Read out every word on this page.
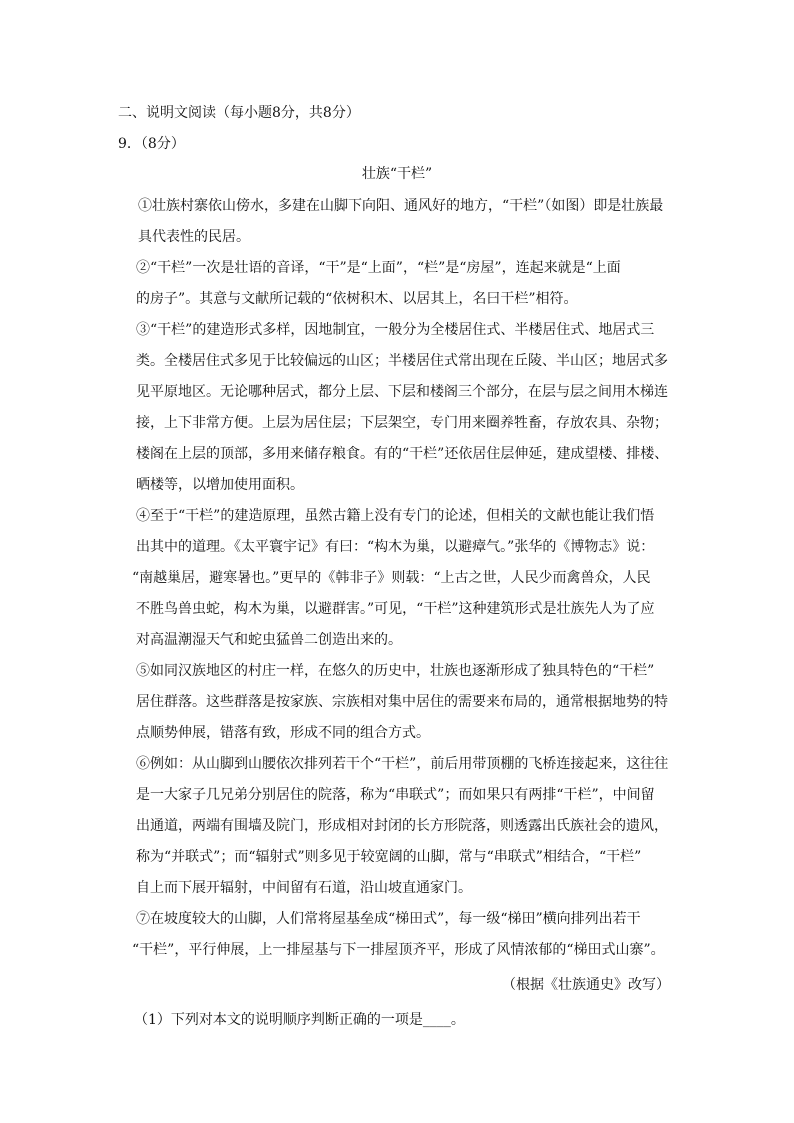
二、说明文阅读（每小题8分，共8分）
9．（8分）
壮族“干栏”
①壮族村寨依山傍水，多建在山脚下向阳、通风好的地方，“干栏”（如图）即是壮族最
具代表性的民居。
②“干栏”一次是壮语的音译，“干”是“上面”，“栏”是“房屋”，连起来就是“上面
的房子”。其意与文献所记载的“依树积木、以居其上，名曰干栏”相符。
③“干栏”的建造形式多样，因地制宜，一般分为全楼居住式、半楼居住式、地居式三
类。全楼居住式多见于比较偏远的山区；半楼居住式常出现在丘陵、半山区；地居式多
见平原地区。无论哪种居式，都分上层、下层和楼阁三个部分，在层与层之间用木梯连
接，上下非常方便。上层为居住层；下层架空，专门用来圈养牲畜，存放农具、杂物；
楼阁在上层的顶部，多用来储存粮食。有的“干栏”还依居住层伸延，建成望楼、排楼、
晒楼等，以增加使用面积。
④至于“干栏”的建造原理，虽然古籍上没有专门的论述，但相关的文献也能让我们悟
出其中的道理。《太平寰宇记》有曰：“构木为巢，以避瘴气。”张华的《博物志》说：
“南越巢居，避寒暑也。”更早的《韩非子》则载：“上古之世，人民少而禽兽众，人民
不胜鸟兽虫蛇，构木为巢，以避群害。”可见，“干栏”这种建筑形式是壮族先人为了应
对高温潮湿天气和蛇虫猛兽二创造出来的。
⑤如同汉族地区的村庄一样，在悠久的历史中，壮族也逐渐形成了独具特色的“干栏”
居住群落。这些群落是按家族、宗族相对集中居住的需要来布局的，通常根据地势的特
点顺势伸展，错落有致，形成不同的组合方式。
⑥例如：从山脚到山腰依次排列若干个“干栏”，前后用带顶棚的飞桥连接起来，这往往
是一大家子几兄弟分别居住的院落，称为“串联式”；而如果只有两排“干栏”，中间留
出通道，两端有围墙及院门，形成相对封闭的长方形院落，则透露出氏族社会的遗风，
称为“并联式”；而“辐射式”则多见于较宽阔的山脚，常与“串联式”相结合，“干栏”
自上而下展开辐射，中间留有石道，沿山坡直通家门。
⑦在坡度较大的山脚，人们常将屋基垒成“梯田式”，每一级“梯田”横向排列出若干
“干栏”，平行伸展，上一排屋基与下一排屋顶齐平，形成了风情浓郁的“梯田式山寨”。
（根据《壮族通史》改写）
（1）下列对本文的说明顺序判断正确的一项是____。
